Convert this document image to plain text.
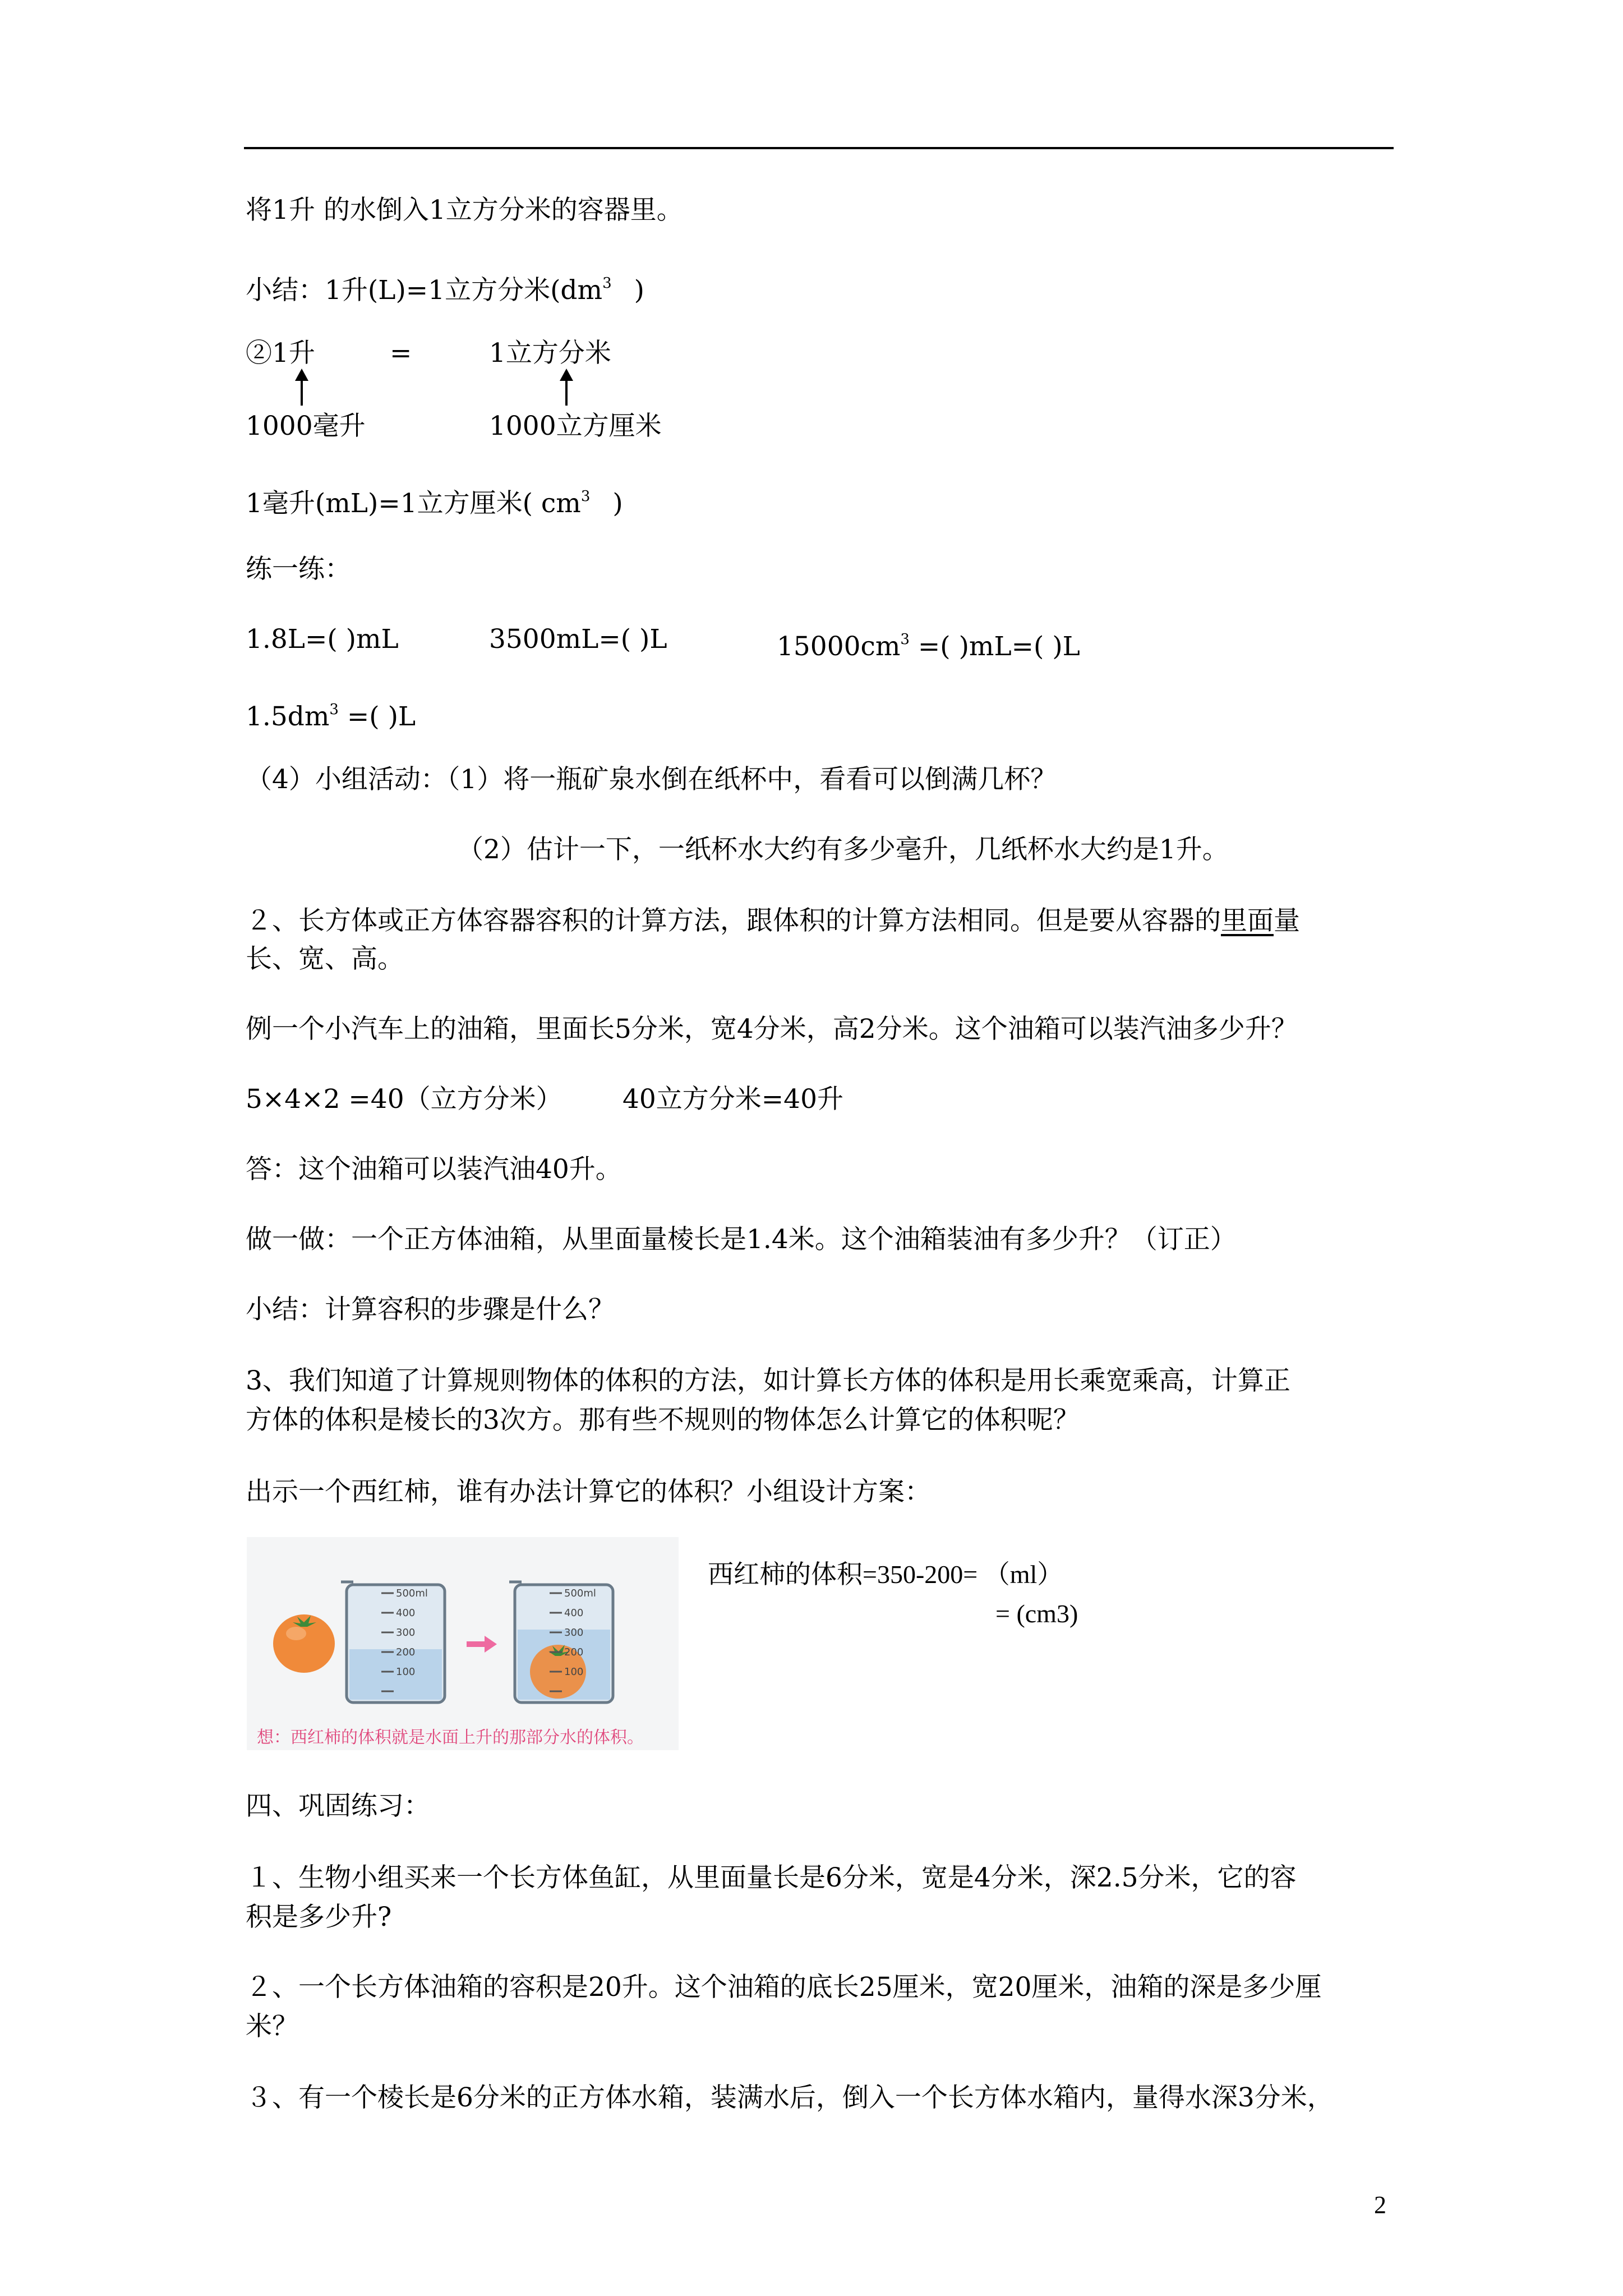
将1升 的水倒入1立方分米的容器里。
小结：1升(L)=1立方分米($dm^3$ )
②1升	=	1立方分米
1000毫升	1000立方厘米
1毫升(mL)=1立方厘米( $cm^3$ )
练一练：
1.8L=( )mL	3500mL=( )L	$15000cm^3$ =( )mL=( )L
$1.5dm^3$ =( )L
（4）小组活动：（1）将一瓶矿泉水倒在纸杯中，看看可以倒满几杯？
（2）估计一下，一纸杯水大约有多少毫升，几纸杯水大约是1升。
２、长方体或正方体容器容积的计算方法，跟体积的计算方法相同。但是要从容器的里面量
长、宽、高。
例一个小汽车上的油箱，里面长5分米，宽4分米，高2分米。这个油箱可以装汽油多少升？
5×4×2 =40（立方分米） 40立方分米=40升
答：这个油箱可以装汽油40升。
做一做：一个正方体油箱，从里面量棱长是1.4米。这个油箱装油有多少升？（订正）
小结：计算容积的步骤是什么？
3、我们知道了计算规则物体的体积的方法，如计算长方体的体积是用长乘宽乘高，计算正
方体的体积是棱长的3次方。那有些不规则的物体怎么计算它的体积呢？
出示一个西红柿，谁有办法计算它的体积？小组设计方案：
500ml
400
300
200
100
500ml
400
300
200
100
想：西红柿的体积就是水面上升的那部分水的体积。
西红柿的体积=350-200= （ml）
= (cm3)
四、巩固练习：
１、生物小组买来一个长方体鱼缸，从里面量长是6分米，宽是4分米，深2.5分米，它的容
积是多少升?
２、一个长方体油箱的容积是20升。这个油箱的底长25厘米，宽20厘米，油箱的深是多少厘
米？
３、有一个棱长是6分米的正方体水箱，装满水后，倒入一个长方体水箱内，量得水深3分米，
2
